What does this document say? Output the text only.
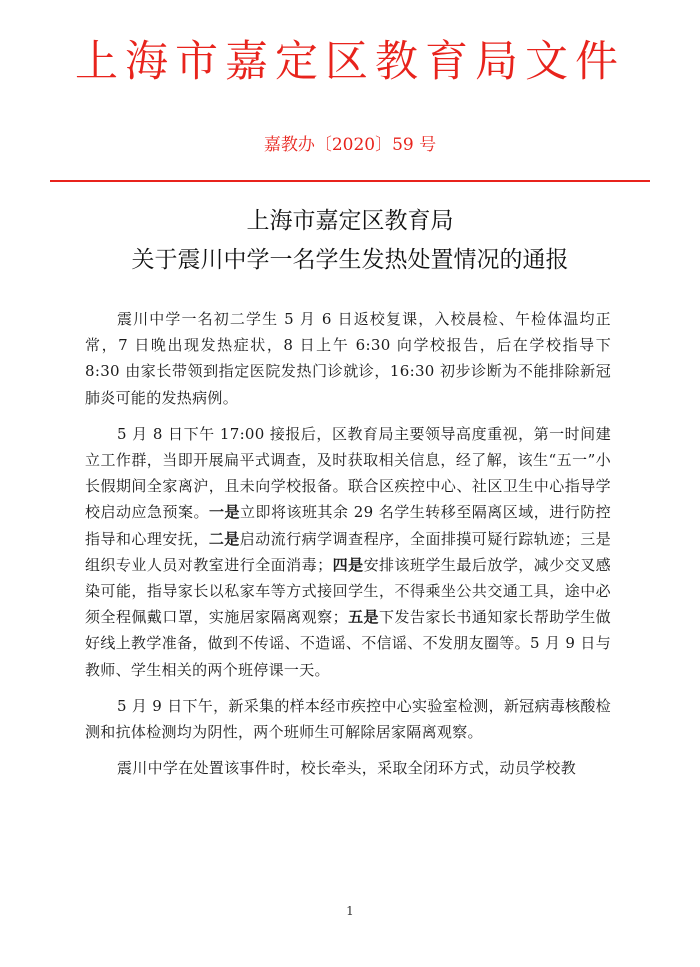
上海市嘉定区教育局文件
嘉教办〔2020〕59 号
上海市嘉定区教育局
关于震川中学一名学生发热处置情况的通报

震川中学一名初二学生 5 月 6 日返校复课，入校晨检、午检体温均正常，7 日晚出现发热症状，8 日上午 6:30 向学校报告，后在学校指导下 8:30 由家长带领到指定医院发热门诊就诊，16:30 初步诊断为不能排除新冠肺炎可能的发热病例。

5 月 8 日下午 17:00 接报后，区教育局主要领导高度重视，第一时间建立工作群，当即开展扁平式调查，及时获取相关信息，经了解，该生“五一”小长假期间全家离沪，且未向学校报备。联合区疾控中心、社区卫生中心指导学校启动应急预案。一是立即将该班其余 29 名学生转移至隔离区域，进行防控指导和心理安抚，二是启动流行病学调查程序，全面排摸可疑行踪轨迹；三是组织专业人员对教室进行全面消毒；四是安排该班学生最后放学，减少交叉感染可能，指导家长以私家车等方式接回学生，不得乘坐公共交通工具，途中必须全程佩戴口罩，实施居家隔离观察；五是下发告家长书通知家长帮助学生做好线上教学准备，做到不传谣、不造谣、不信谣、不发朋友圈等。5 月 9 日与教师、学生相关的两个班停课一天。

5 月 9 日下午，新采集的样本经市疾控中心实验室检测，新冠病毒核酸检测和抗体检测均为阴性，两个班师生可解除居家隔离观察。

震川中学在处置该事件时，校长牵头，采取全闭环方式，动员学校教

1
